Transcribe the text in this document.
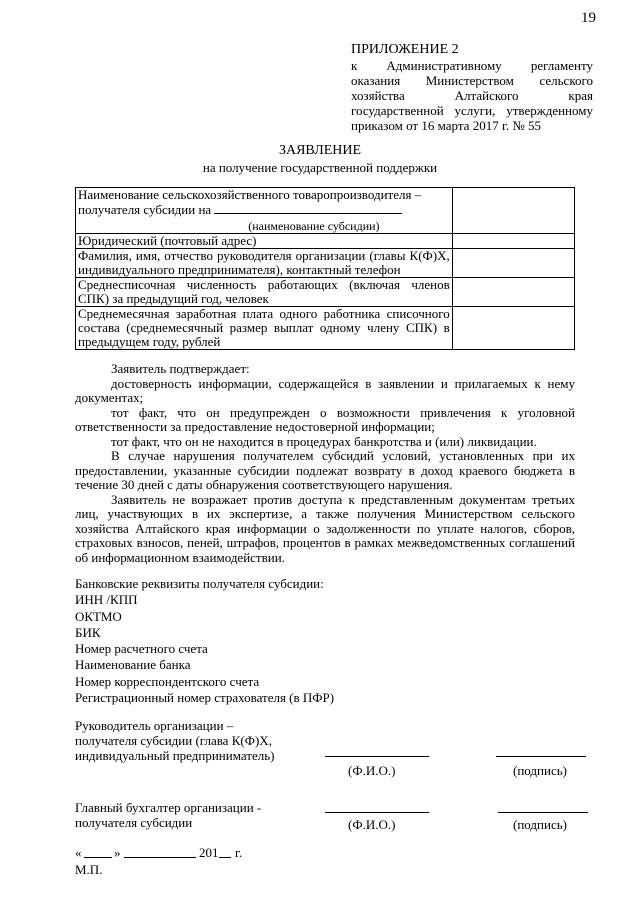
19
ПРИЛОЖЕНИЕ 2
к Административному регламенту
оказания Министерством сельского
хозяйства Алтайского края
государственной услуги, утвержденному
приказом от 16 марта 2017 г. № 55
ЗАЯВЛЕНИЕ
на получение государственной поддержки
Наименование сельскохозяйственного товаропроизводителя –
получателя субсидии на
(наименование субсидии)	

Юридический (почтовый адрес)	
Фамилия, имя, отчество руководителя организации (главы К(Ф)Х, индивидуального предпринимателя), контактный телефон	
Среднесписочная численность работающих (включая членов СПК) за предыдущий год, человек	
Среднемесячная заработная плата одного работника списочного состава (среднемесячный размер выплат одному члену СПК) в предыдущем году, рублей	

Заявитель подтверждает:

достоверность информации, содержащейся в заявлении и прилагаемых к нему документах;

тот факт, что он предупрежден о возможности привлечения к уголовной ответственности за предоставление недостоверной информации;

тот факт, что он не находится в процедурах банкротства и (или) ликвидации.

В случае нарушения получателем субсидий условий, установленных при их предоставлении, указанные субсидии подлежат возврату в доход краевого бюджета в течение 30 дней с даты обнаружения соответствующего нарушения.

Заявитель не возражает против доступа к представленным документам третьих лиц, участвующих в их экспертизе, а также получения Министерством сельского хозяйства Алтайского края информации о задолженности по уплате налогов, сборов, страховых взносов, пеней, штрафов, процентов в рамках межведомственных соглашений об информационном взаимодействии.

Банковские реквизиты получателя субсидии:
ИНН /КПП
ОКТМО
БИК
Номер расчетного счета
Наименование банка
Номер корреспондентского счета
Регистрационный номер страхователя (в ПФР)
Руководитель организации –
получателя субсидии (глава К(Ф)Х,
индивидуальный предприниматель)
(Ф.И.О.)	(подпись)
Главный бухгалтер организации -
получателя субсидии	(Ф.И.О.)	(подпись)
«	»	201 г.
М.П.
